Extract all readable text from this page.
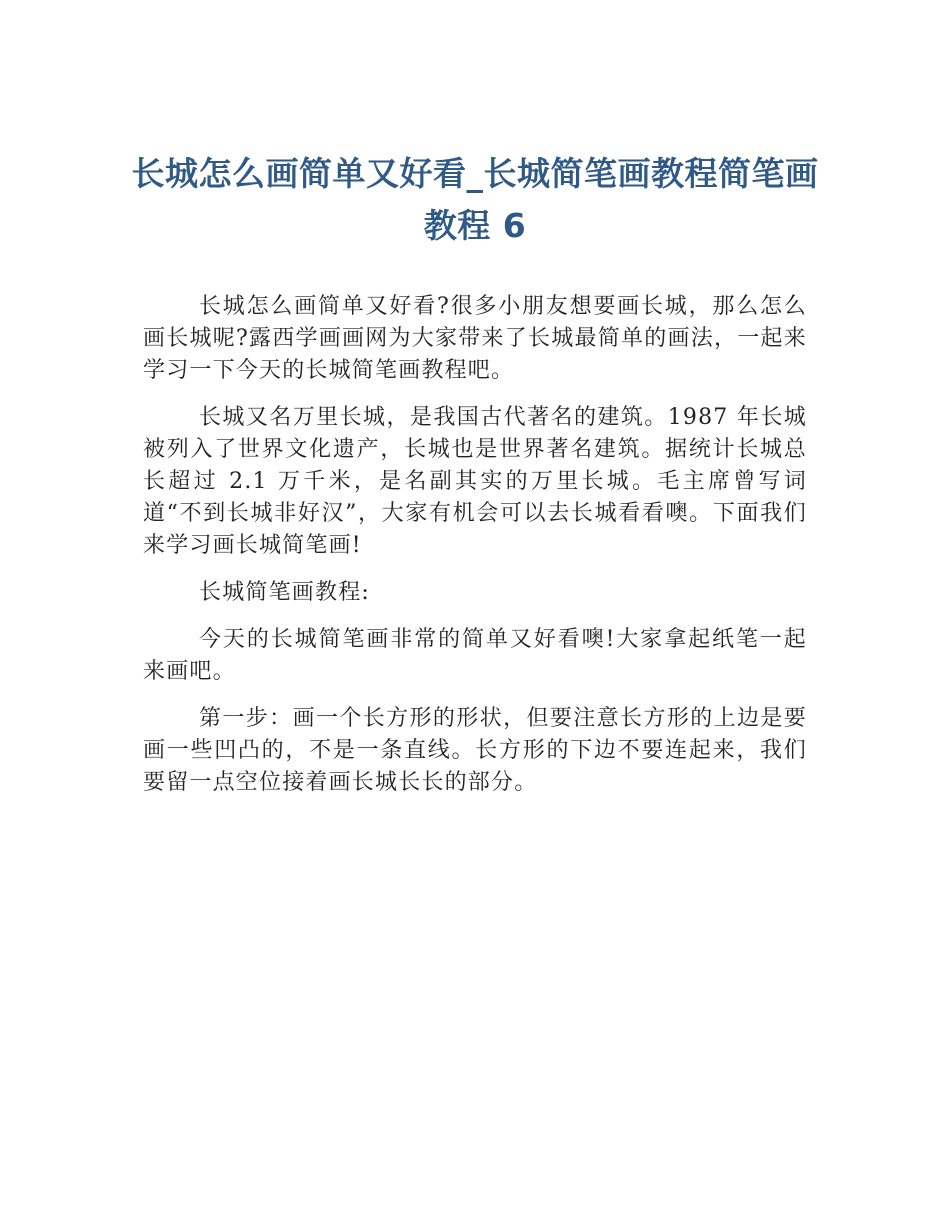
长城怎么画简单又好看_长城简笔画教程简笔画教程 6

长城怎么画简单又好看?很多小朋友想要画长城，那么怎么画长城呢?露西学画画网为大家带来了长城最简单的画法，一起来学习一下今天的长城简笔画教程吧。

长城又名万里长城，是我国古代著名的建筑。1987 年长城被列入了世界文化遗产，长城也是世界著名建筑。据统计长城总长超过 2.1 万千米，是名副其实的万里长城。毛主席曾写词道“不到长城非好汉”，大家有机会可以去长城看看噢。下面我们来学习画长城简笔画!

长城简笔画教程:

今天的长城简笔画非常的简单又好看噢!大家拿起纸笔一起来画吧。

第一步：画一个长方形的形状，但要注意长方形的上边是要画一些凹凸的，不是一条直线。长方形的下边不要连起来，我们要留一点空位接着画长城长长的部分。
